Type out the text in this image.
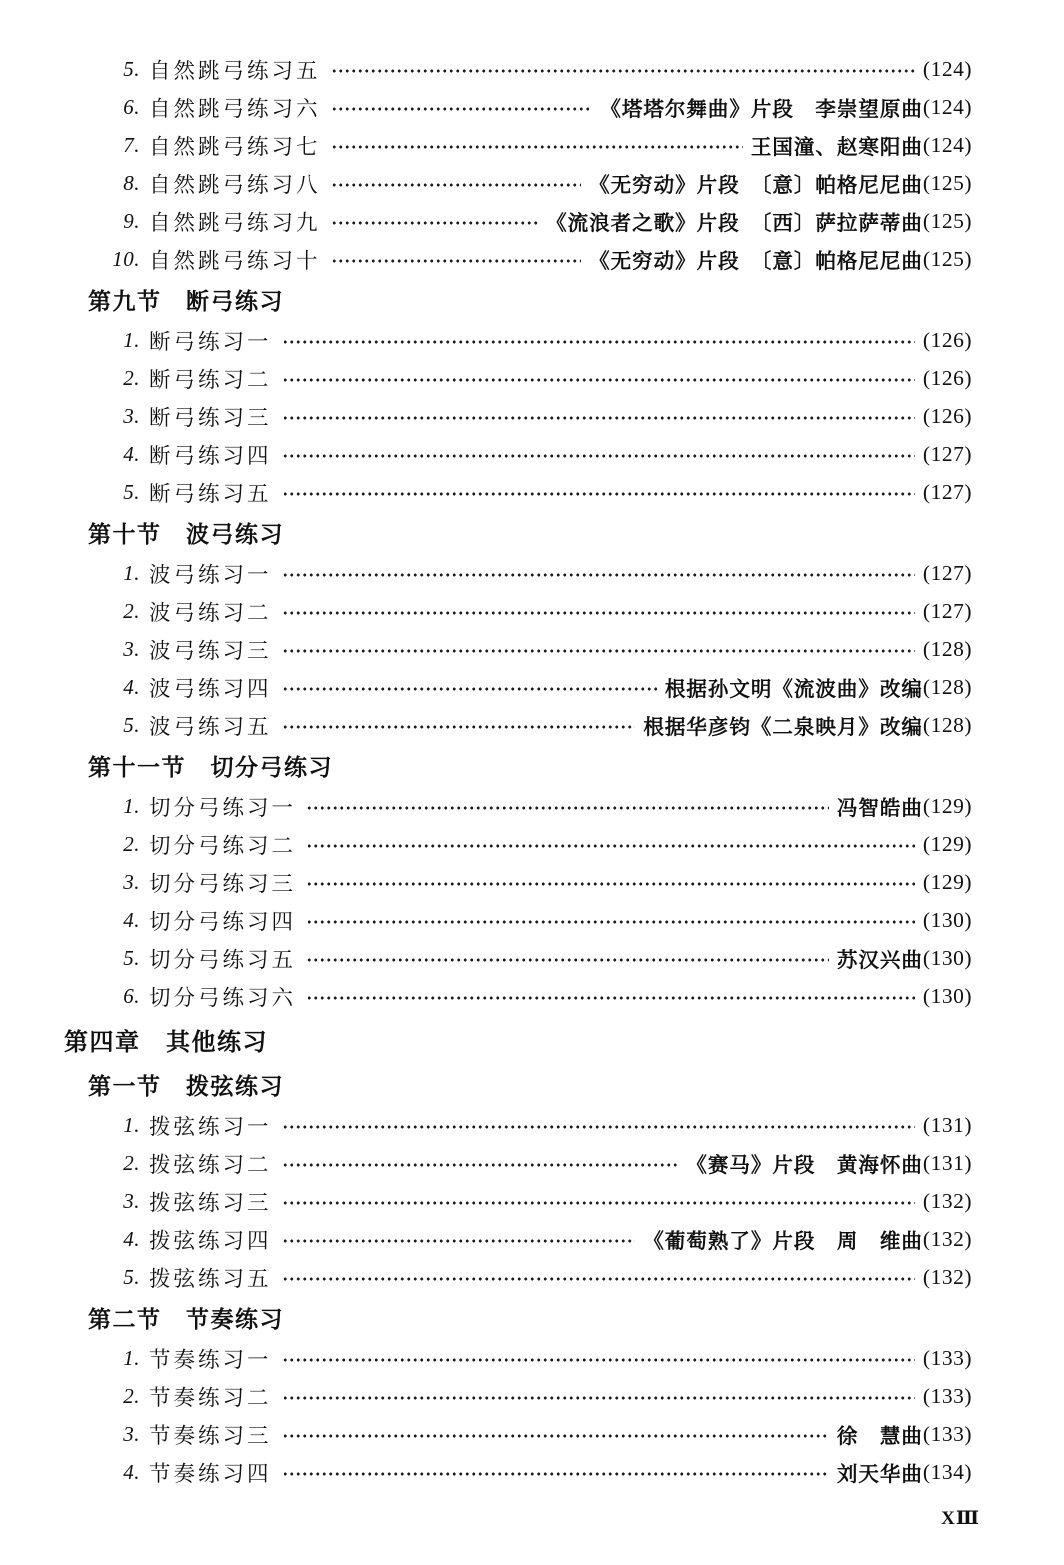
5. 自然跳弓练习五	(124)
6. 自然跳弓练习六	《塔塔尔舞曲》片段　李崇望原曲 (124)
7. 自然跳弓练习七	王国潼、赵寒阳曲 (124)
8. 自然跳弓练习八	《无穷动》片段　〔意〕帕格尼尼曲 (125)
9. 自然跳弓练习九	《流浪者之歌》片段　〔西〕萨拉萨蒂曲 (125)
10. 自然跳弓练习十	《无穷动》片段　〔意〕帕格尼尼曲 (125)
第九节　断弓练习
1. 断弓练习一	(126)
2. 断弓练习二	(126)
3. 断弓练习三	(126)
4. 断弓练习四	(127)
5. 断弓练习五	(127)
第十节　波弓练习
1. 波弓练习一	(127)
2. 波弓练习二	(127)
3. 波弓练习三	(128)
4. 波弓练习四	根据孙文明《流波曲》改编 (128)
5. 波弓练习五	根据华彦钧《二泉映月》改编 (128)
第十一节　切分弓练习
1. 切分弓练习一	冯智皓曲 (129)
2. 切分弓练习二	(129)
3. 切分弓练习三	(129)
4. 切分弓练习四	(130)
5. 切分弓练习五	苏汉兴曲 (130)
6. 切分弓练习六	(130)
第四章　其他练习
第一节　拨弦练习
1. 拨弦练习一	(131)
2. 拨弦练习二	《赛马》片段　黄海怀曲 (131)
3. 拨弦练习三	(132)
4. 拨弦练习四	《葡萄熟了》片段　周　维曲 (132)
5. 拨弦练习五	(132)
第二节　节奏练习
1. 节奏练习一	(133)
2. 节奏练习二	(133)
3. 节奏练习三	徐　慧曲 (133)
4. 节奏练习四	刘天华曲 (134)
XⅢ
